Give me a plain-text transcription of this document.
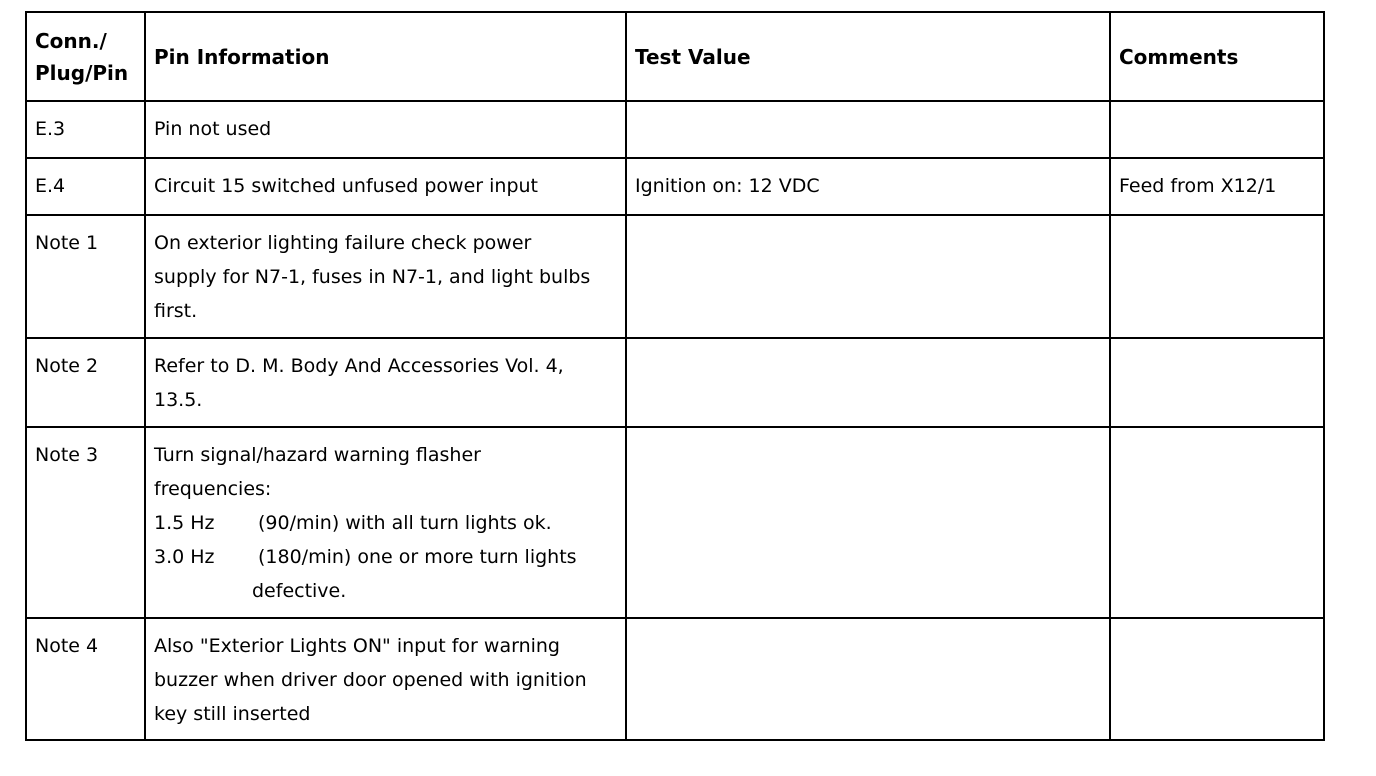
Conn./
Plug/Pin	Pin Information	Test Value	Comments
E.3	Pin not used		
E.4	Circuit 15 switched unfused power input	Ignition on: 12 VDC	Feed from X12/1
Note 1	On exterior lighting failure check power
supply for N7-1, fuses in N7-1, and light bulbs
first.		

Note 2	Refer to D. M. Body And Accessories Vol. 4,
13.5.		

Note 3	Turn signal/hazard warning flasher
frequencies:
1.5 Hz (90/min) with all turn lights ok.
3.0 Hz (180/min) one or more turn lights
defective.		

Note 4	Also "Exterior Lights ON" input for warning
buzzer when driver door opened with ignition
key still inserted		
